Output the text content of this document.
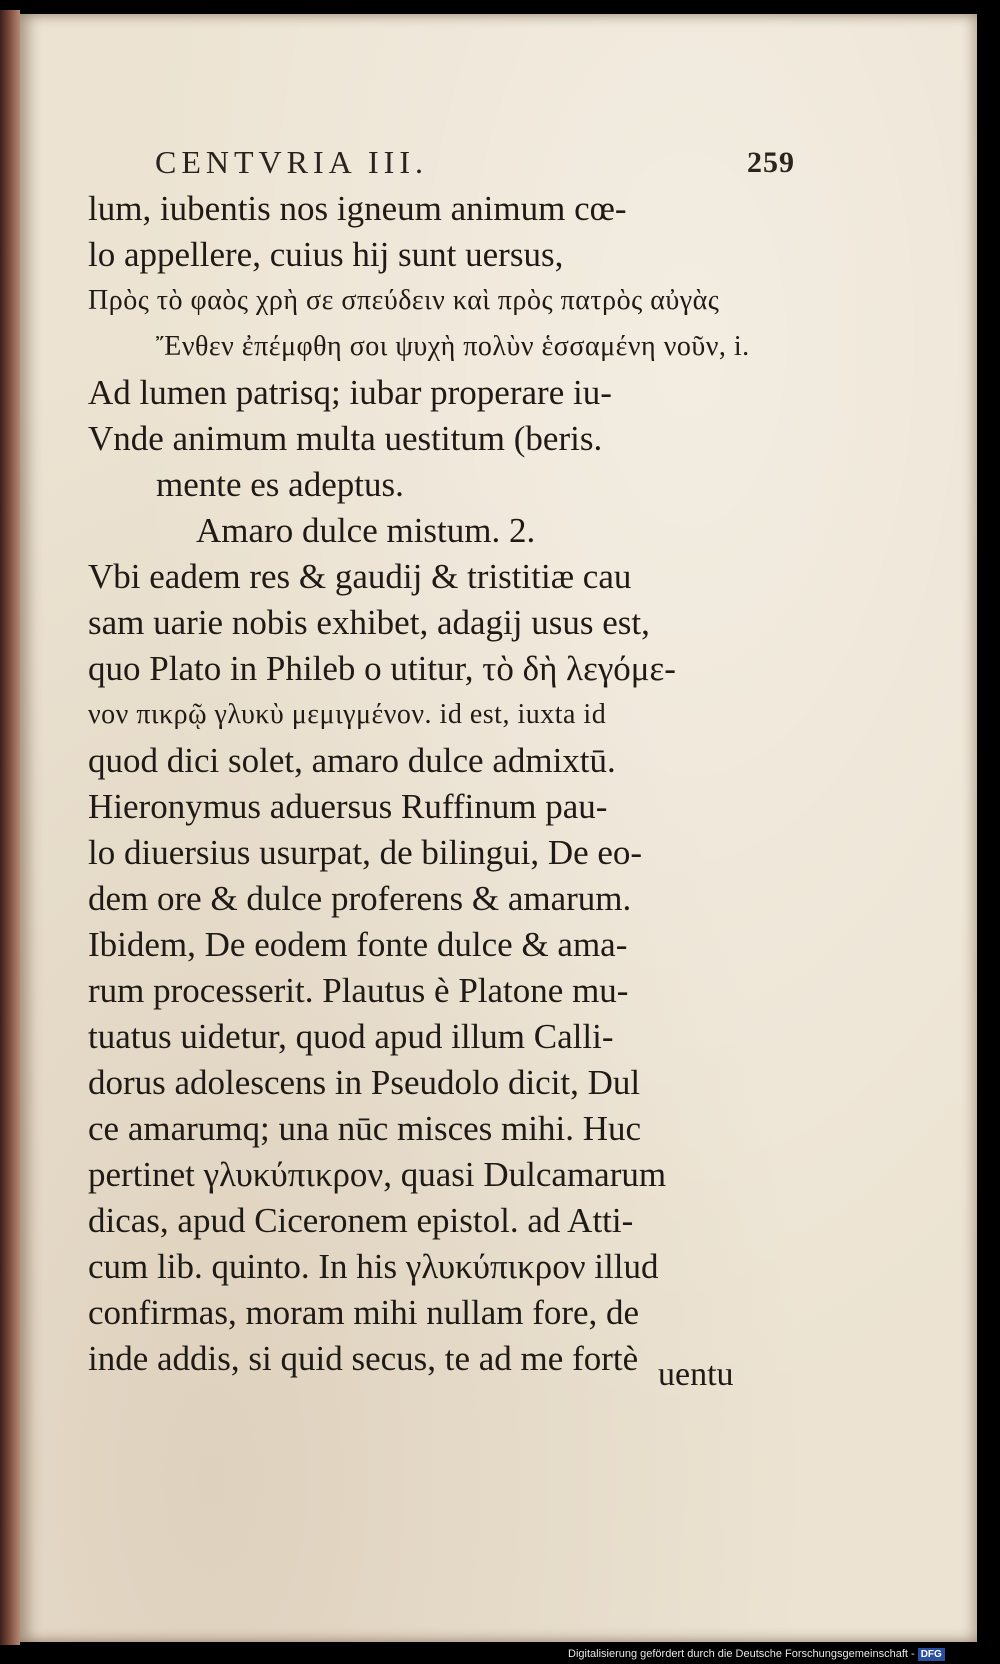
CENTVRIA III.	259
lum, iubentis nos igneum animum cœ-
lo appellere, cuius hij sunt uersus,
Πρὸς τὸ φαὸς χρὴ σε σπεύδειν καὶ πρὸς πατρὸς αὐγὰς
Ἔνθεν ἐπέμφθη σοι ψυχὴ πολὺν ἑσσαμένη νοῦν, i.
Ad lumen patrisq; iubar properare iu-
Vnde animum multa uestitum (beris.
mente es adeptus.
Amaro dulce mistum. 2.
Vbi eadem res & gaudij & tristitiæ cau
sam uarie nobis exhibet, adagij usus est,
quo Plato in Phileb o utitur, τὸ δὴ λεγόμε-
νον πικρῷ γλυκὺ μεμιγμένον. id est, iuxta id
quod dici solet, amaro dulce admixtū.
Hieronymus aduersus Ruffinum pau-
lo diuersius usurpat, de bilingui, De eo-
dem ore & dulce proferens & amarum.
Ibidem, De eodem fonte dulce & ama-
rum processerit. Plautus è Platone mu-
tuatus uidetur, quod apud illum Calli-
dorus adolescens in Pseudolo dicit, Dul
ce amarumq; una nūc misces mihi. Huc
pertinet γλυκύπικρον, quasi Dulcamarum
dicas, apud Ciceronem epistol. ad Atti-
cum lib. quinto. In his γλυκύπικρον illud
confirmas, moram mihi nullam fore, de
inde addis, si quid secus, te ad me fortè uentu
Digitalisierung gefördert durch die Deutsche Forschungsgemeinschaft - DFG
